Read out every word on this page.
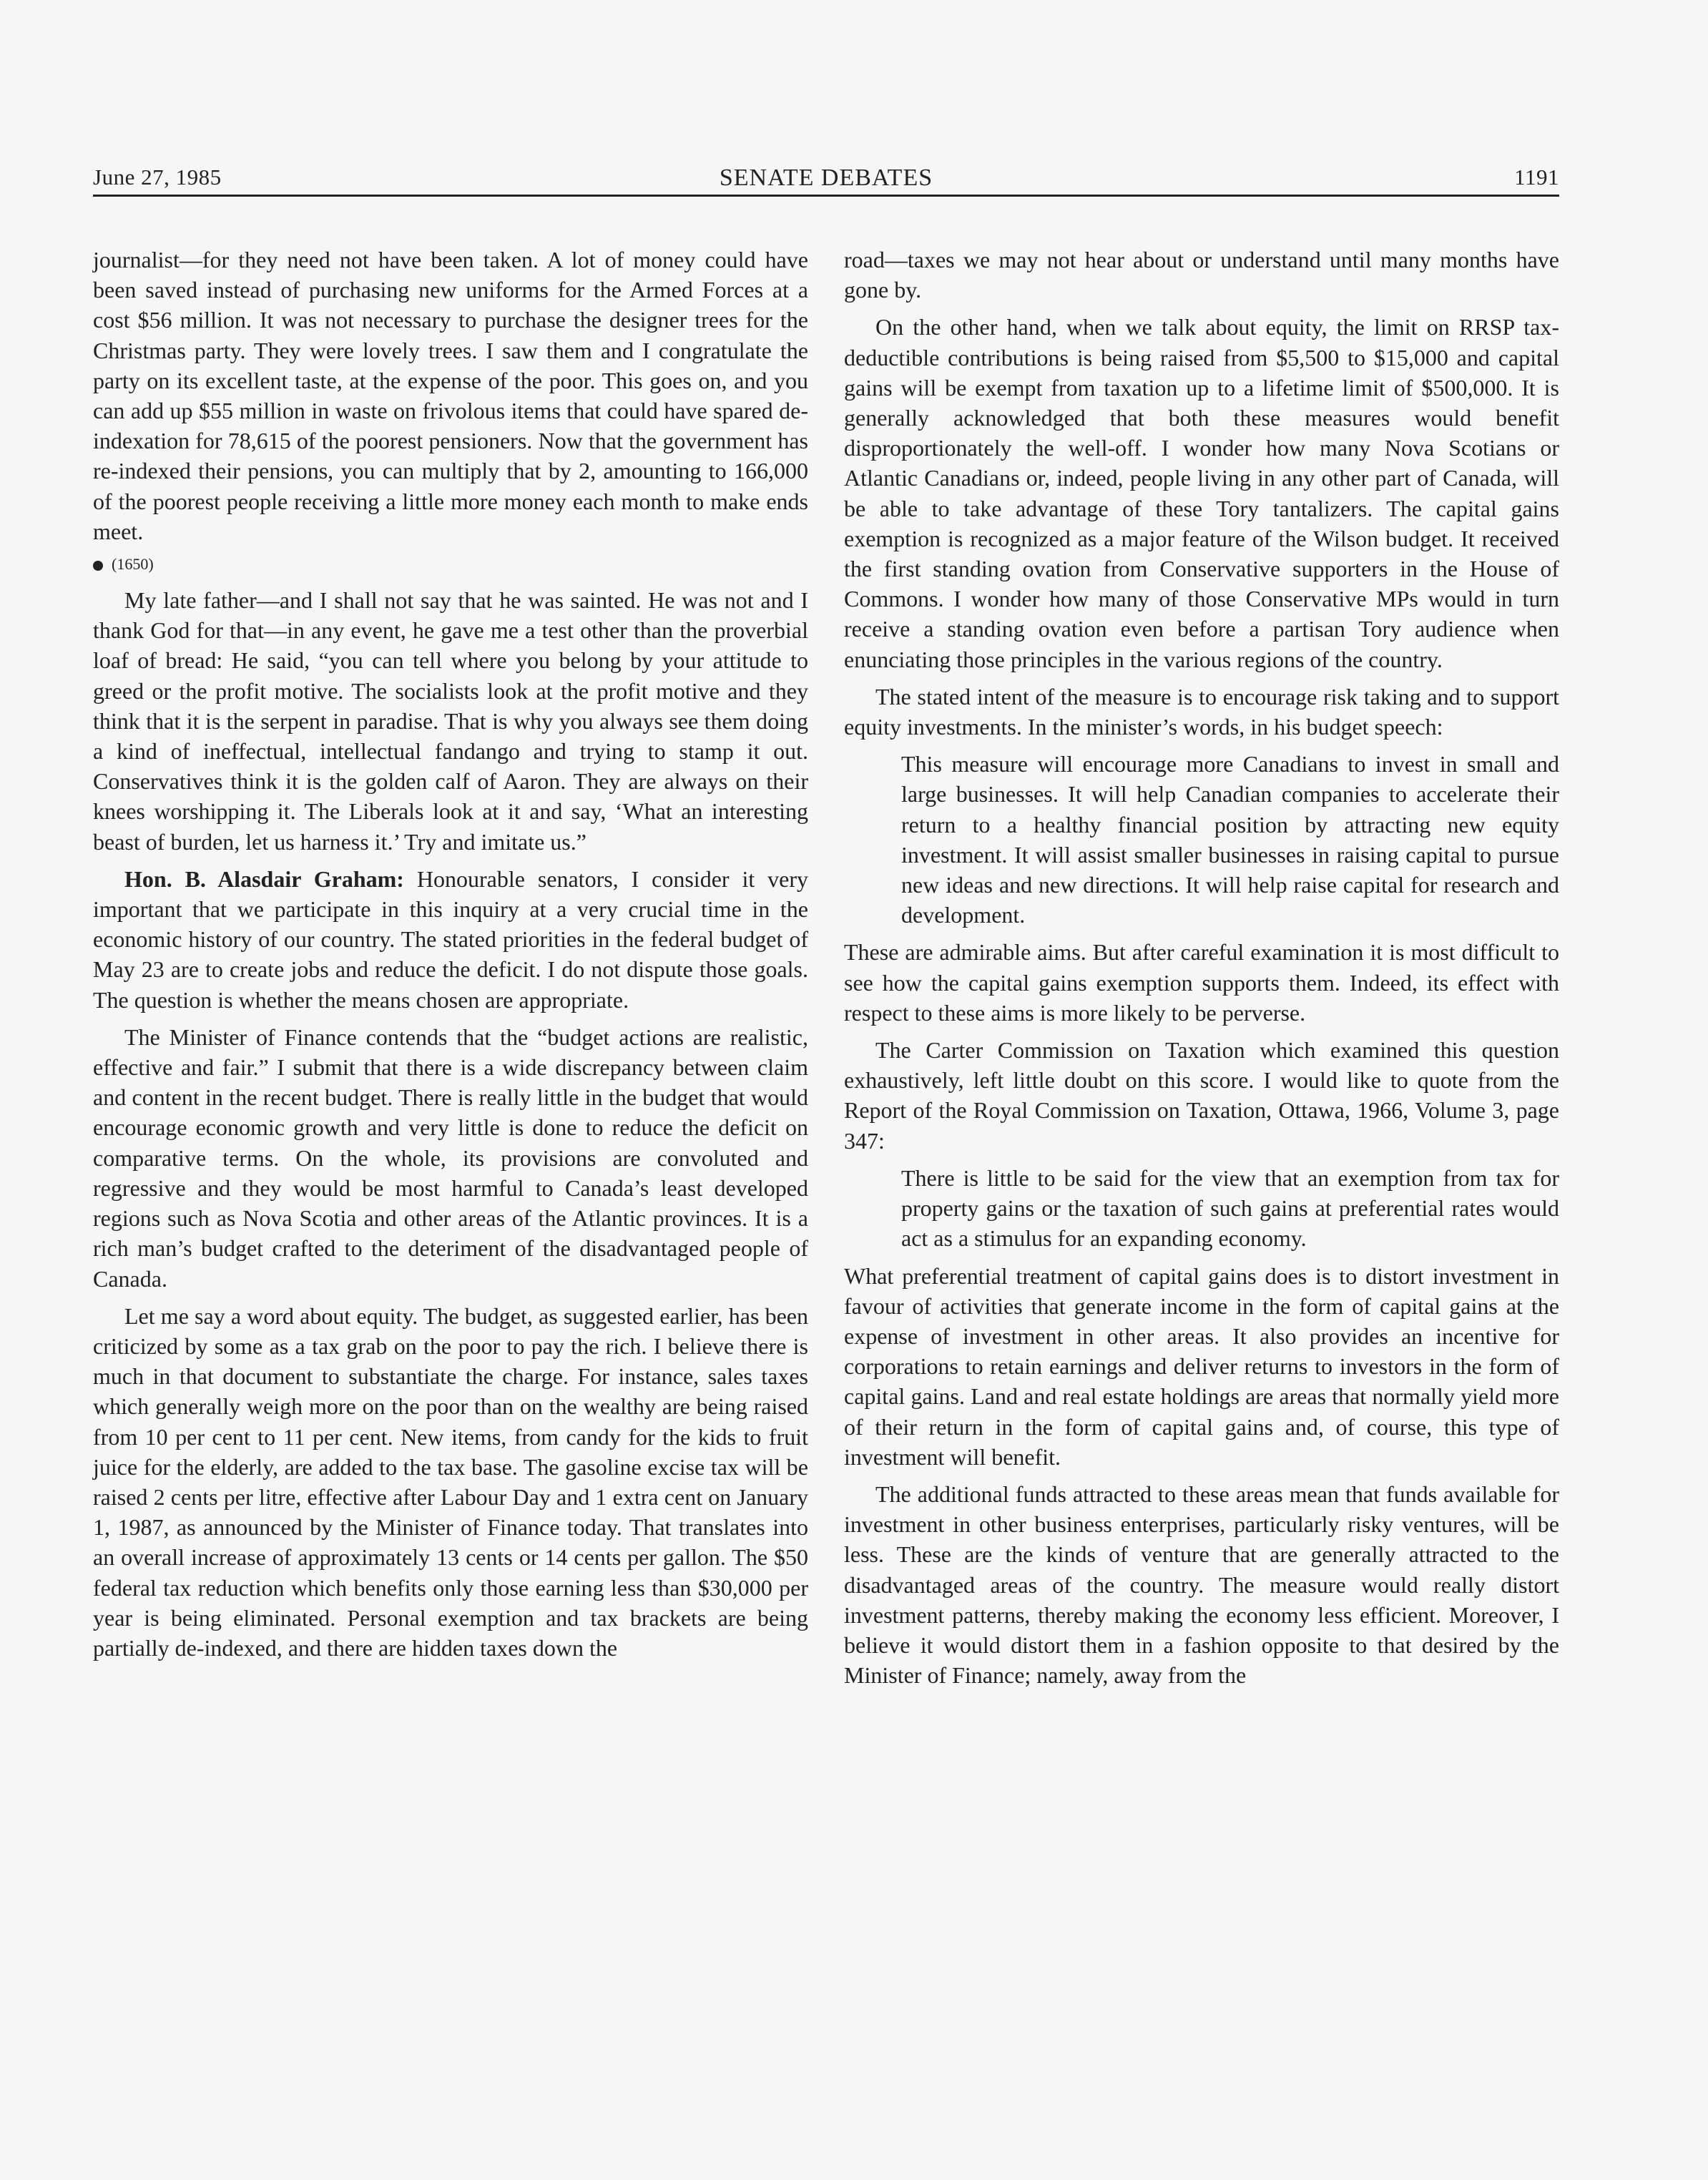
June 27, 1985	SENATE DEBATES	1191

journalist—for they need not have been taken. A lot of money could have been saved instead of purchasing new uniforms for the Armed Forces at a cost $56 million. It was not necessary to purchase the designer trees for the Christmas party. They were lovely trees. I saw them and I congratulate the party on its excellent taste, at the expense of the poor. This goes on, and you can add up $55 million in waste on frivolous items that could have spared de-indexation for 78,615 of the poorest pensioners. Now that the government has re-indexed their pensions, you can multiply that by 2, amounting to 166,000 of the poorest people receiving a little more money each month to make ends meet.

(1650)

My late father—and I shall not say that he was sainted. He was not and I thank God for that—in any event, he gave me a test other than the proverbial loaf of bread: He said, “you can tell where you belong by your attitude to greed or the profit motive. The socialists look at the profit motive and they think that it is the serpent in paradise. That is why you always see them doing a kind of ineffectual, intellectual fandango and trying to stamp it out. Conservatives think it is the golden calf of Aaron. They are always on their knees worshipping it. The Liberals look at it and say, ‘What an interesting beast of burden, let us harness it.’ Try and imitate us.”

Hon. B. Alasdair Graham: Honourable senators, I consider it very important that we participate in this inquiry at a very crucial time in the economic history of our country. The stated priorities in the federal budget of May 23 are to create jobs and reduce the deficit. I do not dispute those goals. The question is whether the means chosen are appropriate.

The Minister of Finance contends that the “budget actions are realistic, effective and fair.” I submit that there is a wide discrepancy between claim and content in the recent budget. There is really little in the budget that would encourage economic growth and very little is done to reduce the deficit on comparative terms. On the whole, its provisions are convoluted and regressive and they would be most harmful to Canada’s least developed regions such as Nova Scotia and other areas of the Atlantic provinces. It is a rich man’s budget crafted to the deteriment of the disadvantaged people of Canada.

Let me say a word about equity. The budget, as suggested earlier, has been criticized by some as a tax grab on the poor to pay the rich. I believe there is much in that document to substantiate the charge. For instance, sales taxes which generally weigh more on the poor than on the wealthy are being raised from 10 per cent to 11 per cent. New items, from candy for the kids to fruit juice for the elderly, are added to the tax base. The gasoline excise tax will be raised 2 cents per litre, effective after Labour Day and 1 extra cent on January 1, 1987, as announced by the Minister of Finance today. That translates into an overall increase of approximately 13 cents or 14 cents per gallon. The $50 federal tax reduction which benefits only those earning less than $30,000 per year is being eliminated. Personal exemption and tax brackets are being partially de-indexed, and there are hidden taxes down the

road—taxes we may not hear about or understand until many months have gone by.

On the other hand, when we talk about equity, the limit on RRSP tax-deductible contributions is being raised from $5,500 to $15,000 and capital gains will be exempt from taxation up to a lifetime limit of $500,000. It is generally acknowledged that both these measures would benefit disproportionately the well-off. I wonder how many Nova Scotians or Atlantic Canadians or, indeed, people living in any other part of Canada, will be able to take advantage of these Tory tantalizers. The capital gains exemption is recognized as a major feature of the Wilson budget. It received the first standing ovation from Conservative supporters in the House of Commons. I wonder how many of those Conservative MPs would in turn receive a standing ovation even before a partisan Tory audience when enunciating those principles in the various regions of the country.

The stated intent of the measure is to encourage risk taking and to support equity investments. In the minister’s words, in his budget speech:

This measure will encourage more Canadians to invest in small and large businesses. It will help Canadian companies to accelerate their return to a healthy financial position by attracting new equity investment. It will assist smaller businesses in raising capital to pursue new ideas and new directions. It will help raise capital for research and development.

These are admirable aims. But after careful examination it is most difficult to see how the capital gains exemption supports them. Indeed, its effect with respect to these aims is more likely to be perverse.

The Carter Commission on Taxation which examined this question exhaustively, left little doubt on this score. I would like to quote from the Report of the Royal Commission on Taxation, Ottawa, 1966, Volume 3, page 347:

There is little to be said for the view that an exemption from tax for property gains or the taxation of such gains at preferential rates would act as a stimulus for an expanding economy.

What preferential treatment of capital gains does is to distort investment in favour of activities that generate income in the form of capital gains at the expense of investment in other areas. It also provides an incentive for corporations to retain earnings and deliver returns to investors in the form of capital gains. Land and real estate holdings are areas that normally yield more of their return in the form of capital gains and, of course, this type of investment will benefit.

The additional funds attracted to these areas mean that funds available for investment in other business enterprises, particularly risky ventures, will be less. These are the kinds of venture that are generally attracted to the disadvantaged areas of the country. The measure would really distort investment patterns, thereby making the economy less efficient. Moreover, I believe it would distort them in a fashion opposite to that desired by the Minister of Finance; namely, away from the
